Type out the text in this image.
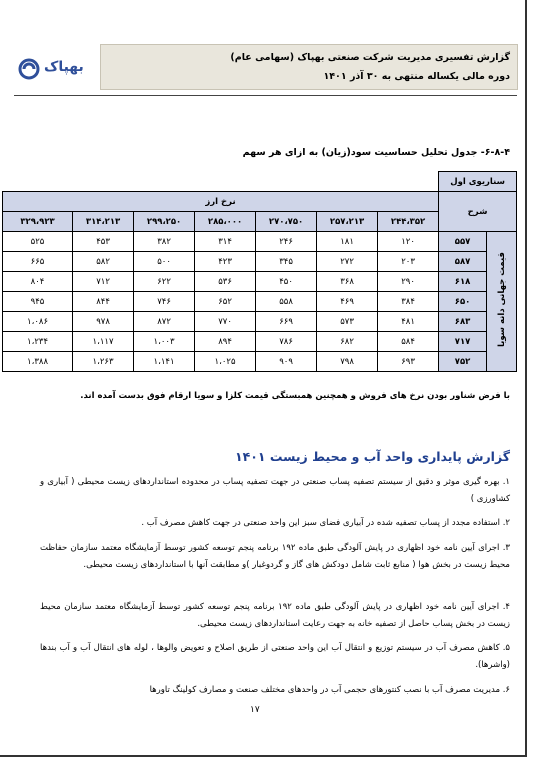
گزارش تفسیری مدیریت شرکت صنعتی بهپاک (سهامی عام)
دوره مالی یکساله منتهی به ۳۰ آذر ۱۴۰۱
بهپاک
۶-۸-۴- جدول تحلیل حساسیت سود(زیان) به ازای هر سهم
سناریوی اول								
شرح		نرخ ارز						
		۲۴۴،۳۵۲	۲۵۷،۲۱۳	۲۷۰،۷۵۰	۲۸۵،۰۰۰	۲۹۹،۲۵۰	۳۱۴،۲۱۳	۳۲۹،۹۲۳
قیمت جهانی دانه سویا	۵۵۷	۱۲۰	۱۸۱	۲۴۶	۳۱۴	۳۸۲	۴۵۳	۵۲۵
	۵۸۷	۲۰۳	۲۷۲	۳۴۵	۴۲۳	۵۰۰	۵۸۲	۶۶۵
	۶۱۸	۲۹۰	۳۶۸	۴۵۰	۵۳۶	۶۲۲	۷۱۲	۸۰۴
	۶۵۰	۳۸۴	۴۶۹	۵۵۸	۶۵۲	۷۴۶	۸۴۴	۹۴۵
	۶۸۳	۴۸۱	۵۷۳	۶۶۹	۷۷۰	۸۷۲	۹۷۸	۱،۰۸۶
	۷۱۷	۵۸۴	۶۸۲	۷۸۶	۸۹۴	۱،۰۰۳	۱،۱۱۷	۱،۲۳۴
	۷۵۲	۶۹۳	۷۹۸	۹۰۹	۱،۰۲۵	۱،۱۴۱	۱،۲۶۳	۱،۳۸۸
با فرض شناور بودن نرخ های فروش و همچنین همبستگی قیمت کلزا و سویا ارقام فوق بدست آمده اند.
گزارش پایداری واحد آب و محیط زیست ۱۴۰۱
۱. بهره گیری موثر و دقیق از سیستم تصفیه پساب صنعتی در جهت تصفیه پساب در محدوده استانداردهای زیست محیطی ( آبیاری و کشاورزی )
۲. استفاده مجدد از پساب تصفیه شده در آبیاری فضای سبز این واحد صنعتی در جهت کاهش مصرف آب .
۳. اجرای آیین نامه خود اظهاری در پایش آلودگی طبق ماده ۱۹۲ برنامه پنجم توسعه کشور توسط آزمایشگاه معتمد سازمان حفاظت محیط زیست در بخش هوا ( منابع ثابت شامل دودکش های گاز و گردوغبار )و مطابقت آنها با استانداردهای زیست محیطی.
۴. اجرای آیین نامه خود اظهاری در پایش آلودگی طبق ماده ۱۹۲ برنامه پنجم توسعه کشور توسط آزمایشگاه معتمد سازمان محیط زیست در بخش پساب حاصل از تصفیه خانه به جهت رعایت استانداردهای زیست محیطی.
۵. کاهش مصرف آب در سیستم توزیع و انتقال آب این واحد صنعتی از طریق اصلاح و تعویض والوها ، لوله های انتقال آب و آب بندها (واشرها).
۶. مدیریت مصرف آب با نصب کنتورهای حجمی آب در واحدهای مختلف صنعت و مصارف کولینگ تاورها
۱۷
